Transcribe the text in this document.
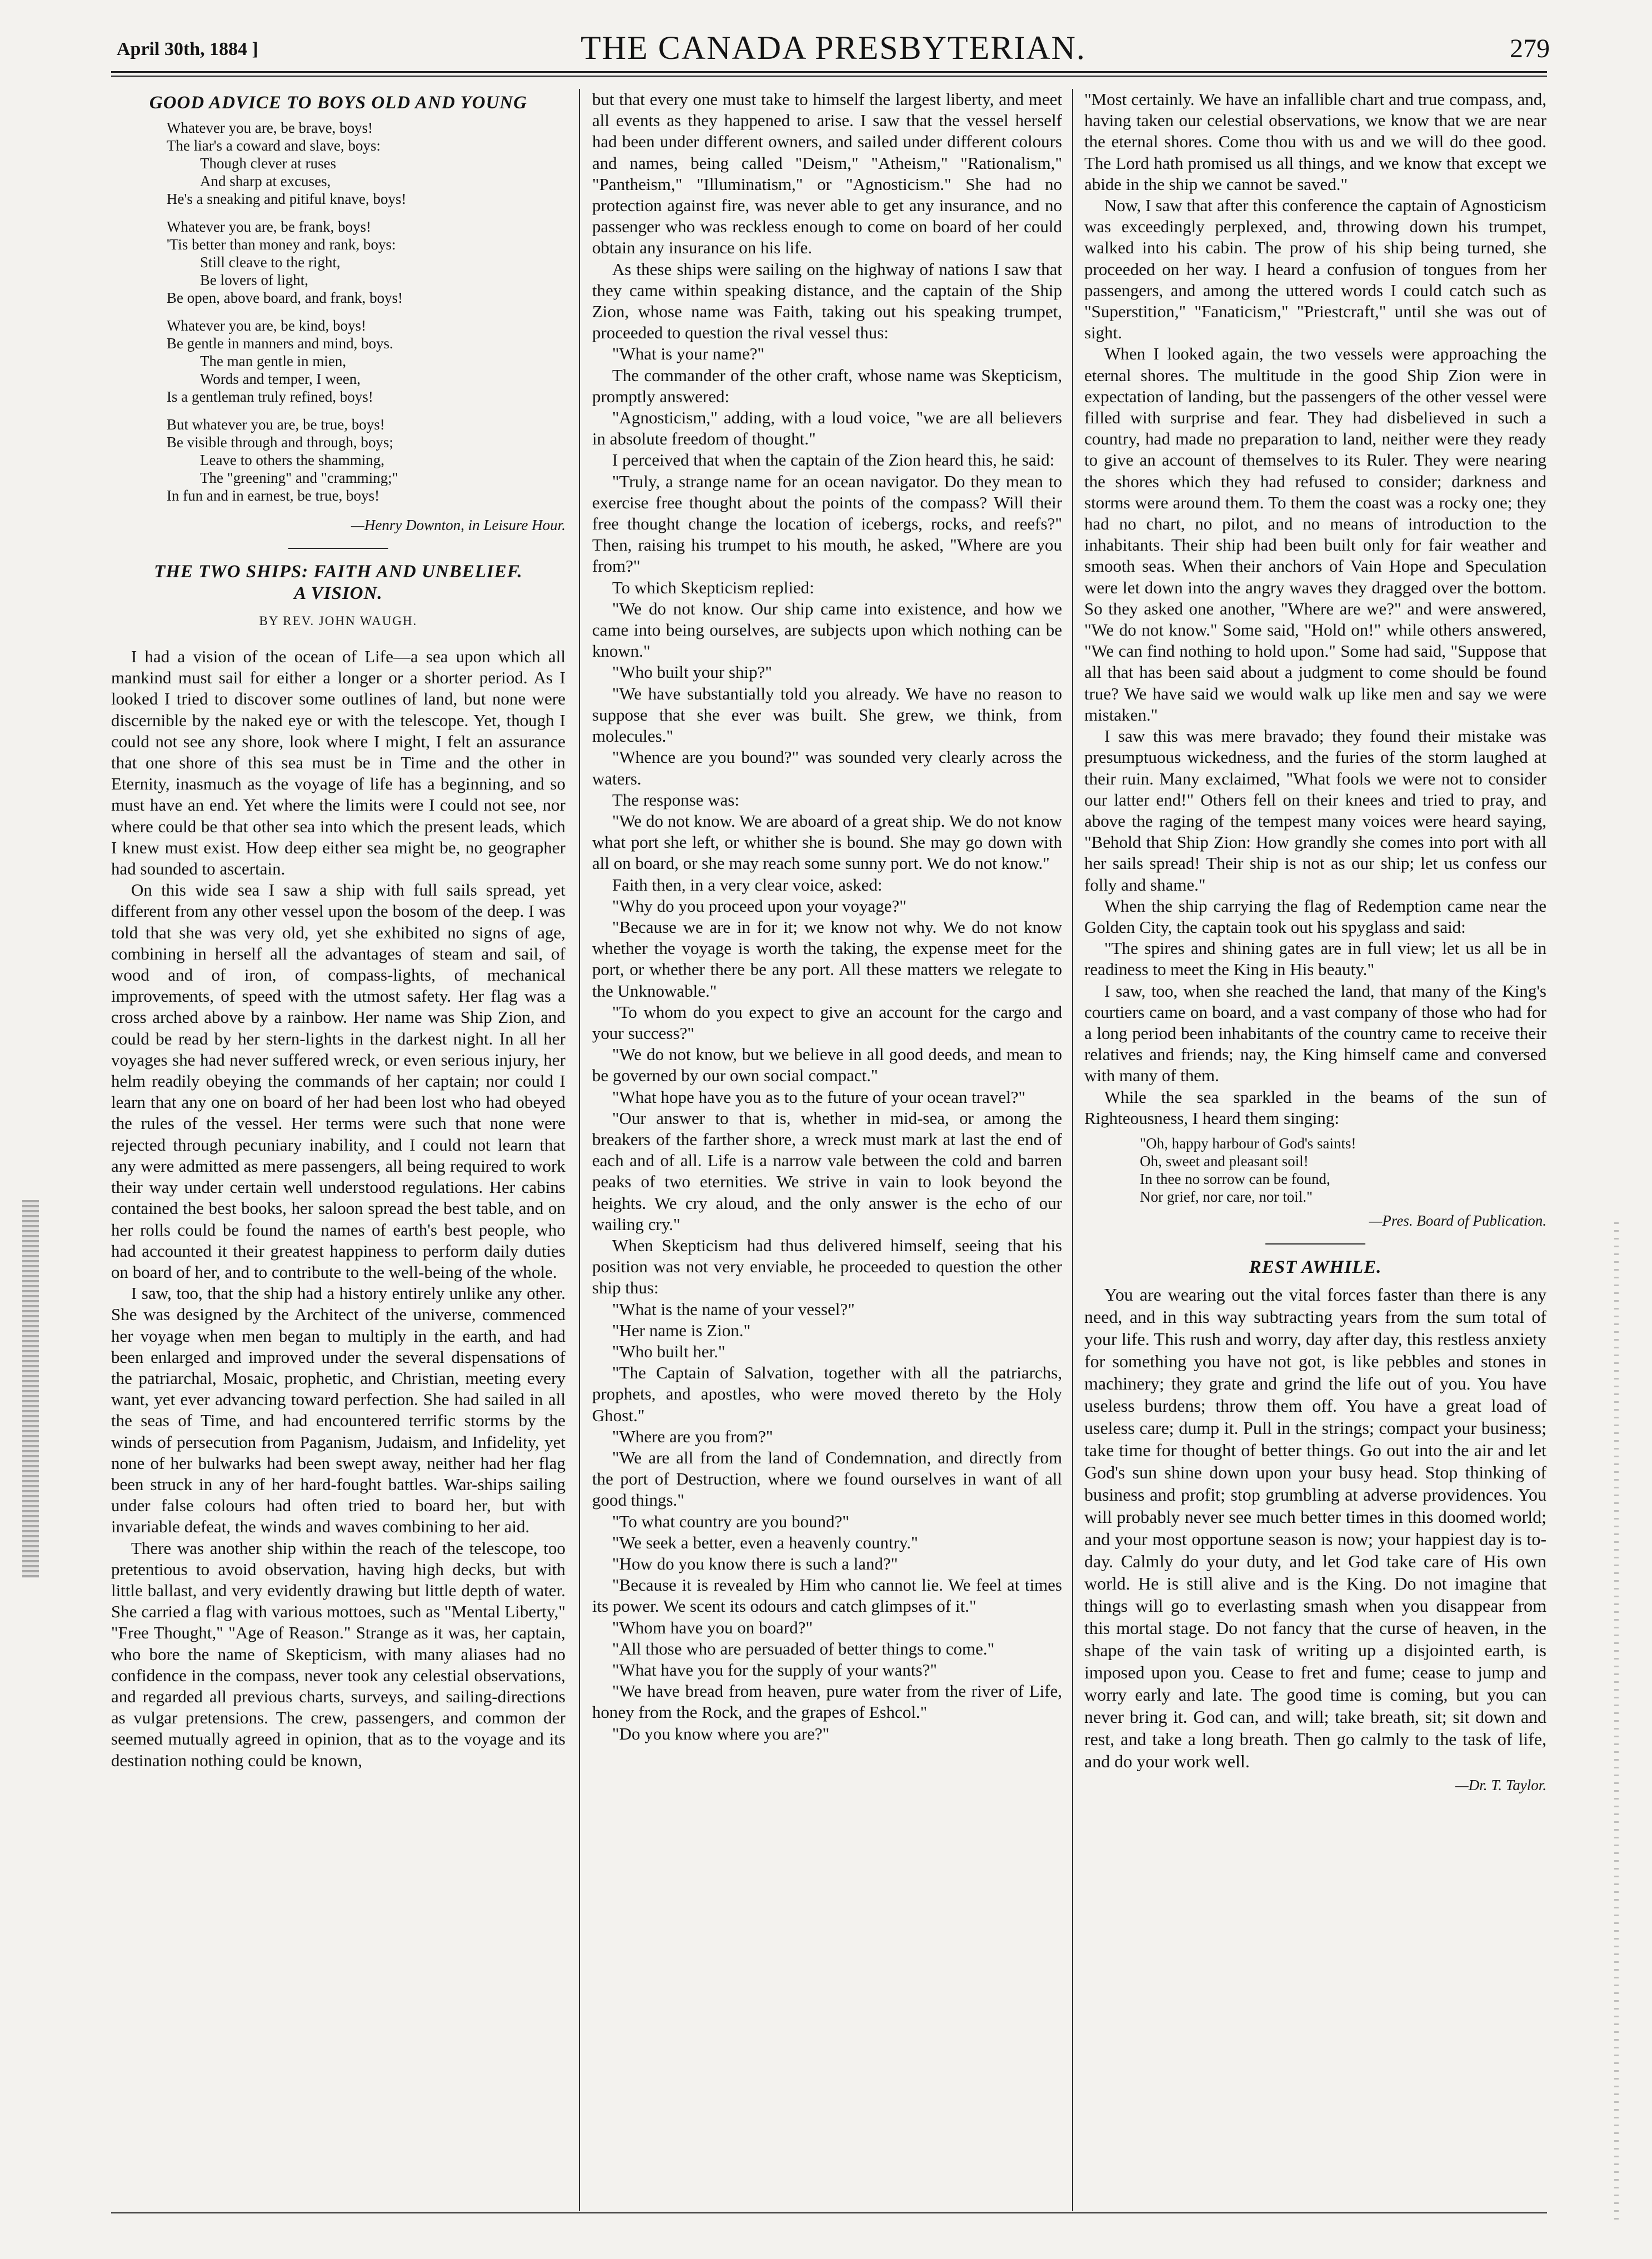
April 30th, 1884 ]	THE CANADA PRESBYTERIAN.	279
GOOD ADVICE TO BOYS OLD AND YOUNG
Whatever you are, be brave, boys!
The liar's a coward and slave, boys:
Though clever at ruses
And sharp at excuses,
He's a sneaking and pitiful knave, boys!
Whatever you are, be frank, boys!
'Tis better than money and rank, boys:
Still cleave to the right,
Be lovers of light,
Be open, above board, and frank, boys!
Whatever you are, be kind, boys!
Be gentle in manners and mind, boys.
The man gentle in mien,
Words and temper, I ween,
Is a gentleman truly refined, boys!
But whatever you are, be true, boys!
Be visible through and through, boys;
Leave to others the shamming,
The "greening" and "cramming;"
In fun and in earnest, be true, boys!
—Henry Downton, in Leisure Hour.
THE TWO SHIPS: FAITH AND UNBELIEF.
A VISION.
BY REV. JOHN WAUGH.

I had a vision of the ocean of Life—a sea upon which all mankind must sail for either a longer or a shorter period. As I looked I tried to discover some outlines of land, but none were discernible by the naked eye or with the telescope. Yet, though I could not see any shore, look where I might, I felt an assurance that one shore of this sea must be in Time and the other in Eternity, inasmuch as the voyage of life has a beginning, and so must have an end. Yet where the limits were I could not see, nor where could be that other sea into which the present leads, which I knew must exist. How deep either sea might be, no geographer had sounded to ascertain.

On this wide sea I saw a ship with full sails spread, yet different from any other vessel upon the bosom of the deep. I was told that she was very old, yet she exhibited no signs of age, combining in herself all the advantages of steam and sail, of wood and of iron, of compass-lights, of mechanical improvements, of speed with the utmost safety. Her flag was a cross arched above by a rainbow. Her name was Ship Zion, and could be read by her stern-lights in the darkest night. In all her voyages she had never suffered wreck, or even serious injury, her helm readily obeying the commands of her captain; nor could I learn that any one on board of her had been lost who had obeyed the rules of the vessel. Her terms were such that none were rejected through pecuniary inability, and I could not learn that any were admitted as mere passengers, all being required to work their way under certain well understood regulations. Her cabins contained the best books, her saloon spread the best table, and on her rolls could be found the names of earth's best people, who had accounted it their greatest happiness to perform daily duties on board of her, and to contribute to the well-being of the whole.

I saw, too, that the ship had a history entirely unlike any other. She was designed by the Architect of the universe, commenced her voyage when men began to multiply in the earth, and had been enlarged and improved under the several dispensations of the patriarchal, Mosaic, prophetic, and Christian, meeting every want, yet ever advancing toward perfection. She had sailed in all the seas of Time, and had encountered terrific storms by the winds of persecution from Paganism, Judaism, and Infidelity, yet none of her bulwarks had been swept away, neither had her flag been struck in any of her hard-fought battles. War-ships sailing under false colours had often tried to board her, but with invariable defeat, the winds and waves combining to her aid.

There was another ship within the reach of the telescope, too pretentious to avoid observation, having high decks, but with little ballast, and very evidently drawing but little depth of water. She carried a flag with various mottoes, such as "Mental Liberty," "Free Thought," "Age of Reason." Strange as it was, her captain, who bore the name of Skepticism, with many aliases had no confidence in the compass, never took any celestial observations, and regarded all previous charts, surveys, and sailing-directions as vulgar pretensions. The crew, passengers, and common der seemed mutually agreed in opinion, that as to the voyage and its destination nothing could be known,

but that every one must take to himself the largest liberty, and meet all events as they happened to arise. I saw that the vessel herself had been under different owners, and sailed under different colours and names, being called "Deism," "Atheism," "Rationalism," "Pantheism," "Illuminatism," or "Agnosticism." She had no protection against fire, was never able to get any insurance, and no passenger who was reckless enough to come on board of her could obtain any insurance on his life.

As these ships were sailing on the highway of nations I saw that they came within speaking distance, and the captain of the Ship Zion, whose name was Faith, taking out his speaking trumpet, proceeded to question the rival vessel thus:

"What is your name?"

The commander of the other craft, whose name was Skepticism, promptly answered:

"Agnosticism," adding, with a loud voice, "we are all believers in absolute freedom of thought."

I perceived that when the captain of the Zion heard this, he said:

"Truly, a strange name for an ocean navigator. Do they mean to exercise free thought about the points of the compass? Will their free thought change the location of icebergs, rocks, and reefs?" Then, raising his trumpet to his mouth, he asked, "Where are you from?"

To which Skepticism replied:

"We do not know. Our ship came into existence, and how we came into being ourselves, are subjects upon which nothing can be known."

"Who built your ship?"

"We have substantially told you already. We have no reason to suppose that she ever was built. She grew, we think, from molecules."

"Whence are you bound?" was sounded very clearly across the waters.

The response was:

"We do not know. We are aboard of a great ship. We do not know what port she left, or whither she is bound. She may go down with all on board, or she may reach some sunny port. We do not know."

Faith then, in a very clear voice, asked:

"Why do you proceed upon your voyage?"

"Because we are in for it; we know not why. We do not know whether the voyage is worth the taking, the expense meet for the port, or whether there be any port. All these matters we relegate to the Unknowable."

"To whom do you expect to give an account for the cargo and your success?"

"We do not know, but we believe in all good deeds, and mean to be governed by our own social compact."

"What hope have you as to the future of your ocean travel?"

"Our answer to that is, whether in mid-sea, or among the breakers of the farther shore, a wreck must mark at last the end of each and of all. Life is a narrow vale between the cold and barren peaks of two eternities. We strive in vain to look beyond the heights. We cry aloud, and the only answer is the echo of our wailing cry."

When Skepticism had thus delivered himself, seeing that his position was not very enviable, he proceeded to question the other ship thus:

"What is the name of your vessel?"

"Her name is Zion."

"Who built her."

"The Captain of Salvation, together with all the patriarchs, prophets, and apostles, who were moved thereto by the Holy Ghost."

"Where are you from?"

"We are all from the land of Condemnation, and directly from the port of Destruction, where we found ourselves in want of all good things."

"To what country are you bound?"

"We seek a better, even a heavenly country."

"How do you know there is such a land?"

"Because it is revealed by Him who cannot lie. We feel at times its power. We scent its odours and catch glimpses of it."

"Whom have you on board?"

"All those who are persuaded of better things to come."

"What have you for the supply of your wants?"

"We have bread from heaven, pure water from the river of Life, honey from the Rock, and the grapes of Eshcol."

"Do you know where you are?"

"Most certainly. We have an infallible chart and true compass, and, having taken our celestial observations, we know that we are near the eternal shores. Come thou with us and we will do thee good. The Lord hath promised us all things, and we know that except we abide in the ship we cannot be saved."

Now, I saw that after this conference the captain of Agnosticism was exceedingly perplexed, and, throwing down his trumpet, walked into his cabin. The prow of his ship being turned, she proceeded on her way. I heard a confusion of tongues from her passengers, and among the uttered words I could catch such as "Superstition," "Fanaticism," "Priestcraft," until she was out of sight.

When I looked again, the two vessels were approaching the eternal shores. The multitude in the good Ship Zion were in expectation of landing, but the passengers of the other vessel were filled with surprise and fear. They had disbelieved in such a country, had made no preparation to land, neither were they ready to give an account of themselves to its Ruler. They were nearing the shores which they had refused to consider; darkness and storms were around them. To them the coast was a rocky one; they had no chart, no pilot, and no means of introduction to the inhabitants. Their ship had been built only for fair weather and smooth seas. When their anchors of Vain Hope and Speculation were let down into the angry waves they dragged over the bottom. So they asked one another, "Where are we?" and were answered, "We do not know." Some said, "Hold on!" while others answered, "We can find nothing to hold upon." Some had said, "Suppose that all that has been said about a judgment to come should be found true? We have said we would walk up like men and say we were mistaken."

I saw this was mere bravado; they found their mistake was presumptuous wickedness, and the furies of the storm laughed at their ruin. Many exclaimed, "What fools we were not to consider our latter end!" Others fell on their knees and tried to pray, and above the raging of the tempest many voices were heard saying, "Behold that Ship Zion: How grandly she comes into port with all her sails spread! Their ship is not as our ship; let us confess our folly and shame."

When the ship carrying the flag of Redemption came near the Golden City, the captain took out his spyglass and said:

"The spires and shining gates are in full view; let us all be in readiness to meet the King in His beauty."

I saw, too, when she reached the land, that many of the King's courtiers came on board, and a vast company of those who had for a long period been inhabitants of the country came to receive their relatives and friends; nay, the King himself came and conversed with many of them.

While the sea sparkled in the beams of the sun of Righteousness, I heard them singing:

"Oh, happy harbour of God's saints!
Oh, sweet and pleasant soil!
In thee no sorrow can be found,
Nor grief, nor care, nor toil."
—Pres. Board of Publication.
REST AWHILE.

You are wearing out the vital forces faster than there is any need, and in this way subtracting years from the sum total of your life. This rush and worry, day after day, this restless anxiety for something you have not got, is like pebbles and stones in machinery; they grate and grind the life out of you. You have useless burdens; throw them off. You have a great load of useless care; dump it. Pull in the strings; compact your business; take time for thought of better things. Go out into the air and let God's sun shine down upon your busy head. Stop thinking of business and profit; stop grumbling at adverse providences. You will probably never see much better times in this doomed world; and your most opportune season is now; your happiest day is to-day. Calmly do your duty, and let God take care of His own world. He is still alive and is the King. Do not imagine that things will go to everlasting smash when you disappear from this mortal stage. Do not fancy that the curse of heaven, in the shape of the vain task of writing up a disjointed earth, is imposed upon you. Cease to fret and fume; cease to jump and worry early and late. The good time is coming, but you can never bring it. God can, and will; take breath, sit; sit down and rest, and take a long breath. Then go calmly to the task of life, and do your work well.

—Dr. T. Taylor.
